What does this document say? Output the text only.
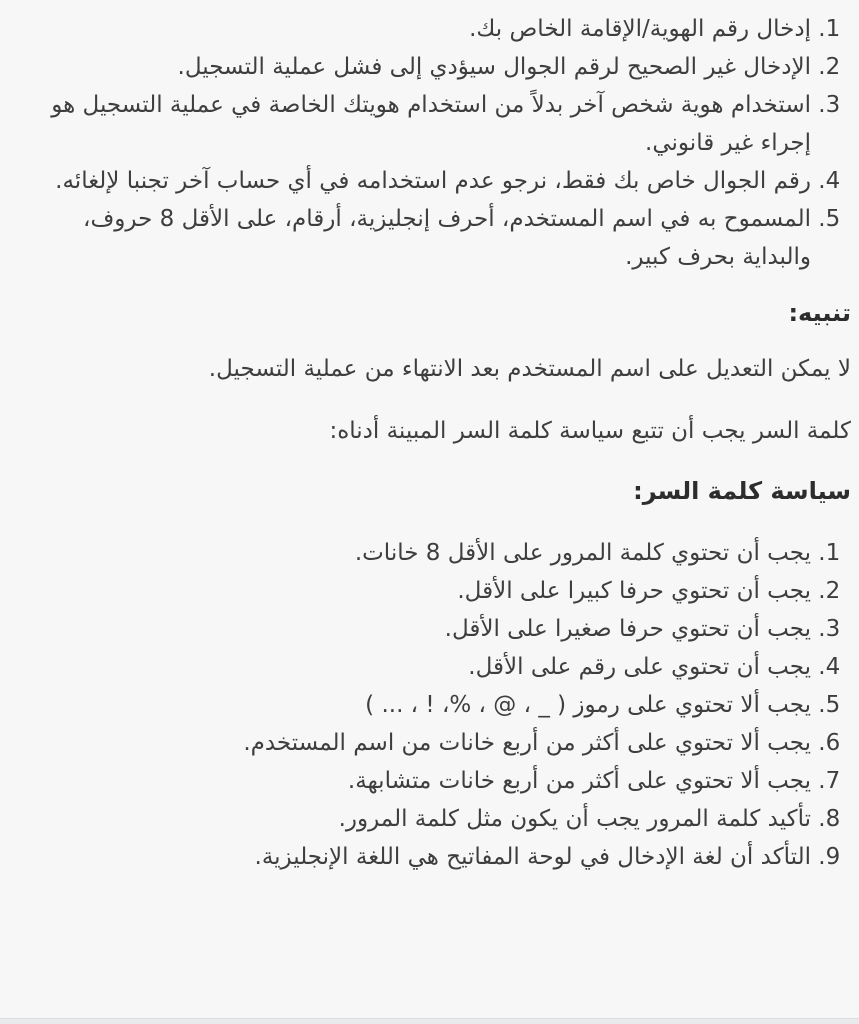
1. إدخال رقم الهوية/الإقامة الخاص بك.
2. الإدخال غير الصحيح لرقم الجوال سيؤدي إلى فشل عملية التسجيل.
3. استخدام هوية شخص آخر بدلاً من استخدام هويتك الخاصة في عملية التسجيل هو إجراء غير قانوني.
4. رقم الجوال خاص بك فقط، نرجو عدم استخدامه في أي حساب آخر تجنبا لإلغائه.
5. المسموح به في اسم المستخدم، أحرف إنجليزية، أرقام، على الأقل 8 حروف، والبداية بحرف كبير.
تنبيه:

لا يمكن التعديل على اسم المستخدم بعد الانتهاء من عملية التسجيل.

كلمة السر يجب أن تتبع سياسة كلمة السر المبينة أدناه:

سياسة كلمة السر:
1. يجب أن تحتوي كلمة المرور على الأقل 8 خانات.
2. يجب أن تحتوي حرفا كبيرا على الأقل.
3. يجب أن تحتوي حرفا صغيرا على الأقل.
4. يجب أن تحتوي على رقم على الأقل.
5. يجب ألا تحتوي على رموز ( _ ، @ ، %، ! ، ... )
6. يجب ألا تحتوي على أكثر من أربع خانات من اسم المستخدم.
7. يجب ألا تحتوي على أكثر من أربع خانات متشابهة.
8. تأكيد كلمة المرور يجب أن يكون مثل كلمة المرور.
9. التأكد أن لغة الإدخال في لوحة المفاتيح هي اللغة الإنجليزية.
